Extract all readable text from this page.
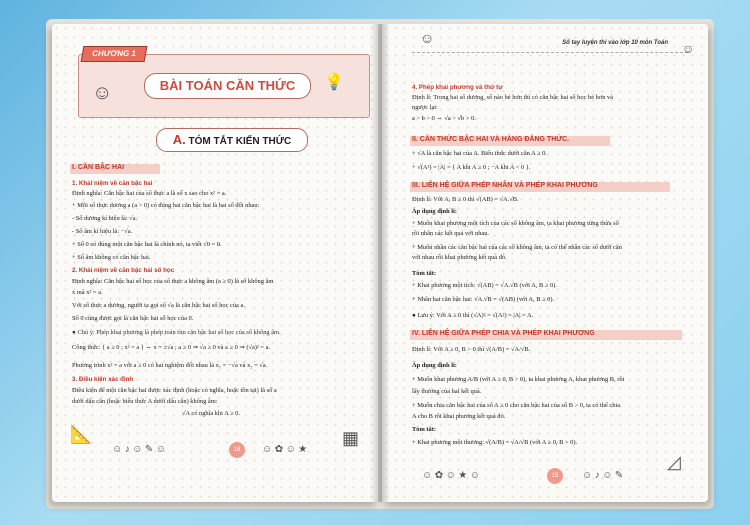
CHƯƠNG 1
☺	BÀI TOÁN CĂN THỨC	💡
A. TÓM TẮT KIẾN THỨC
I. CĂN BẬC HAI
1. Khái niệm về căn bậc hai
Định nghĩa: Căn bậc hai của số thực a là số x sao cho x² = a.
+ Mỗi số thực dương a (a > 0) có đúng hai căn bậc hai là hai số đối nhau:
- Số dương kí hiệu là: √a.
- Số âm kí hiệu là: −√a.
+ Số 0 có đúng một căn bậc hai là chính nó, ta viết √0 = 0.
+ Số âm không có căn bậc hai.
2. Khái niệm về căn bậc hai số học
Định nghĩa: Căn bậc hai số học của số thực a không âm (a ≥ 0) là số không âm
x mà x² = a.
Với số thực a dương, người ta gọi số √a là căn bậc hai số học của a.
Số 0 cũng được gọi là căn bậc hai số học của 0.
● Chú ý: Phép khai phương là phép toán tìm căn bậc hai số học của số không âm.
Công thức: { a ≥ 0 ; x² = a } ⇔ x = ±√a ; a ≥ 0 ⇒ √a ≥ 0 và a ≥ 0 ⇒ (√a)² = a.
Phương trình x² = a với a ≥ 0 có hai nghiệm đối nhau là x₁ = −√a và x₂ = √a.
3. Điều kiện xác định
Điều kiện để một căn bậc hai được xác định (hoặc có nghĩa, hoặc tồn tại) là số a
dưới dấu căn (hoặc biểu thức A dưới dấu căn) không âm:
√A có nghĩa khi A ≥ 0.
📐
☺ ♪ ☺ ✎ ☺	16	☺ ✿ ☺ ★
▦
☺	Sổ tay luyện thi vào lớp 10 môn Toán ☺
4. Phép khai phương và thứ tự
Định lí: Trong hai số dương, số nào bé hơn thì có căn bậc hai số học bé hơn và
ngược lại:
a > b > 0 ⇔ √a > √b > 0.
II. CĂN THỨC BẬC HAI VÀ HẰNG ĐẲNG THỨC.
+ √A là căn bậc hai của A. Biểu thức dưới căn A ≥ 0.
+ √(A²) = |A| = { A khi A ≥ 0 ; −A khi A < 0 }.
III. LIÊN HỆ GIỮA PHÉP NHÂN VÀ PHÉP KHAI PHƯƠNG
Định lí: Với A, B ≥ 0 thì √(AB) = √A.√B.
Áp dụng định lí:
+ Muốn khai phương một tích của các số không âm, ta khai phương từng thừa số
rồi nhân các kết quả với nhau.
+ Muốn nhân các căn bậc hai của các số không âm, ta có thể nhân các số dưới căn
với nhau rồi khai phương kết quả đó.
Tóm tắt:
+ Khai phương một tích: √(AB) = √A.√B (với A, B ≥ 0).
+ Nhân hai căn bậc hai: √A.√B = √(AB) (với A, B ≥ 0).
● Lưu ý: Với A ≥ 0 thì (√A)² = √(A²) = |A| = A.
IV. LIÊN HỆ GIỮA PHÉP CHIA VÀ PHÉP KHAI PHƯƠNG
Định lí: Với A ≥ 0, B > 0 thì √(A/B) = √A/√B.
Áp dụng định lí:
+ Muốn khai phương A/B (với A ≥ 0, B > 0), ta khai phương A, khai phương B, rồi
lấy thương của hai kết quả.
+ Muốn chia căn bậc hai của số A ≥ 0 cho căn bậc hai của số B > 0, ta có thể chia
A cho B rồi khai phương kết quả đó.
Tóm tắt:
+ Khai phương một thương: √(A/B) = √A/√B (với A ≥ 0, B > 0).
☺ ✿ ☺ ★ ☺	15	☺ ♪ ☺ ✎
◿
